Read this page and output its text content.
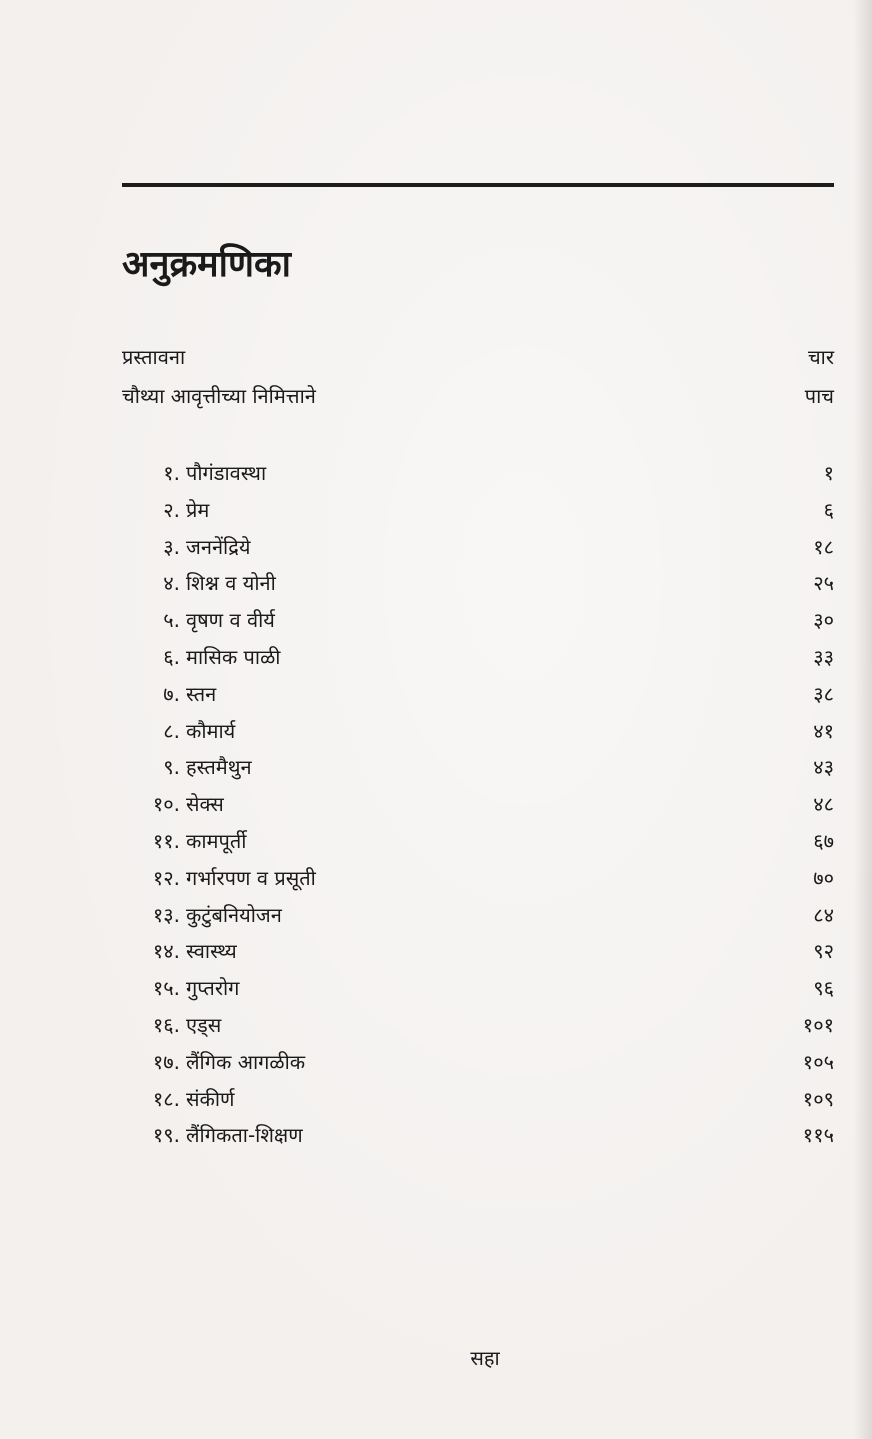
अनुक्रमणिका
प्रस्तावना	चार
चौथ्या आवृत्तीच्या निमित्ताने	पाच
१. पौगंडावस्था	१
२. प्रेम	६
३. जननेंद्रिये	१८
४. शिश्न व योनी	२५
५. वृषण व वीर्य	३०
६. मासिक पाळी	३३
७. स्तन	३८
८. कौमार्य	४१
९. हस्तमैथुन	४३
१०. सेक्स	४८
११. कामपूर्ती	६७
१२. गर्भारपण व प्रसूती	७०
१३. कुटुंबनियोजन	८४
१४. स्वास्थ्य	९२
१५. गुप्तरोग	९६
१६. एड्स	१०१
१७. लैंगिक आगळीक	१०५
१८. संकीर्ण	१०९
१९. लैंगिकता-शिक्षण	११५
सहा
